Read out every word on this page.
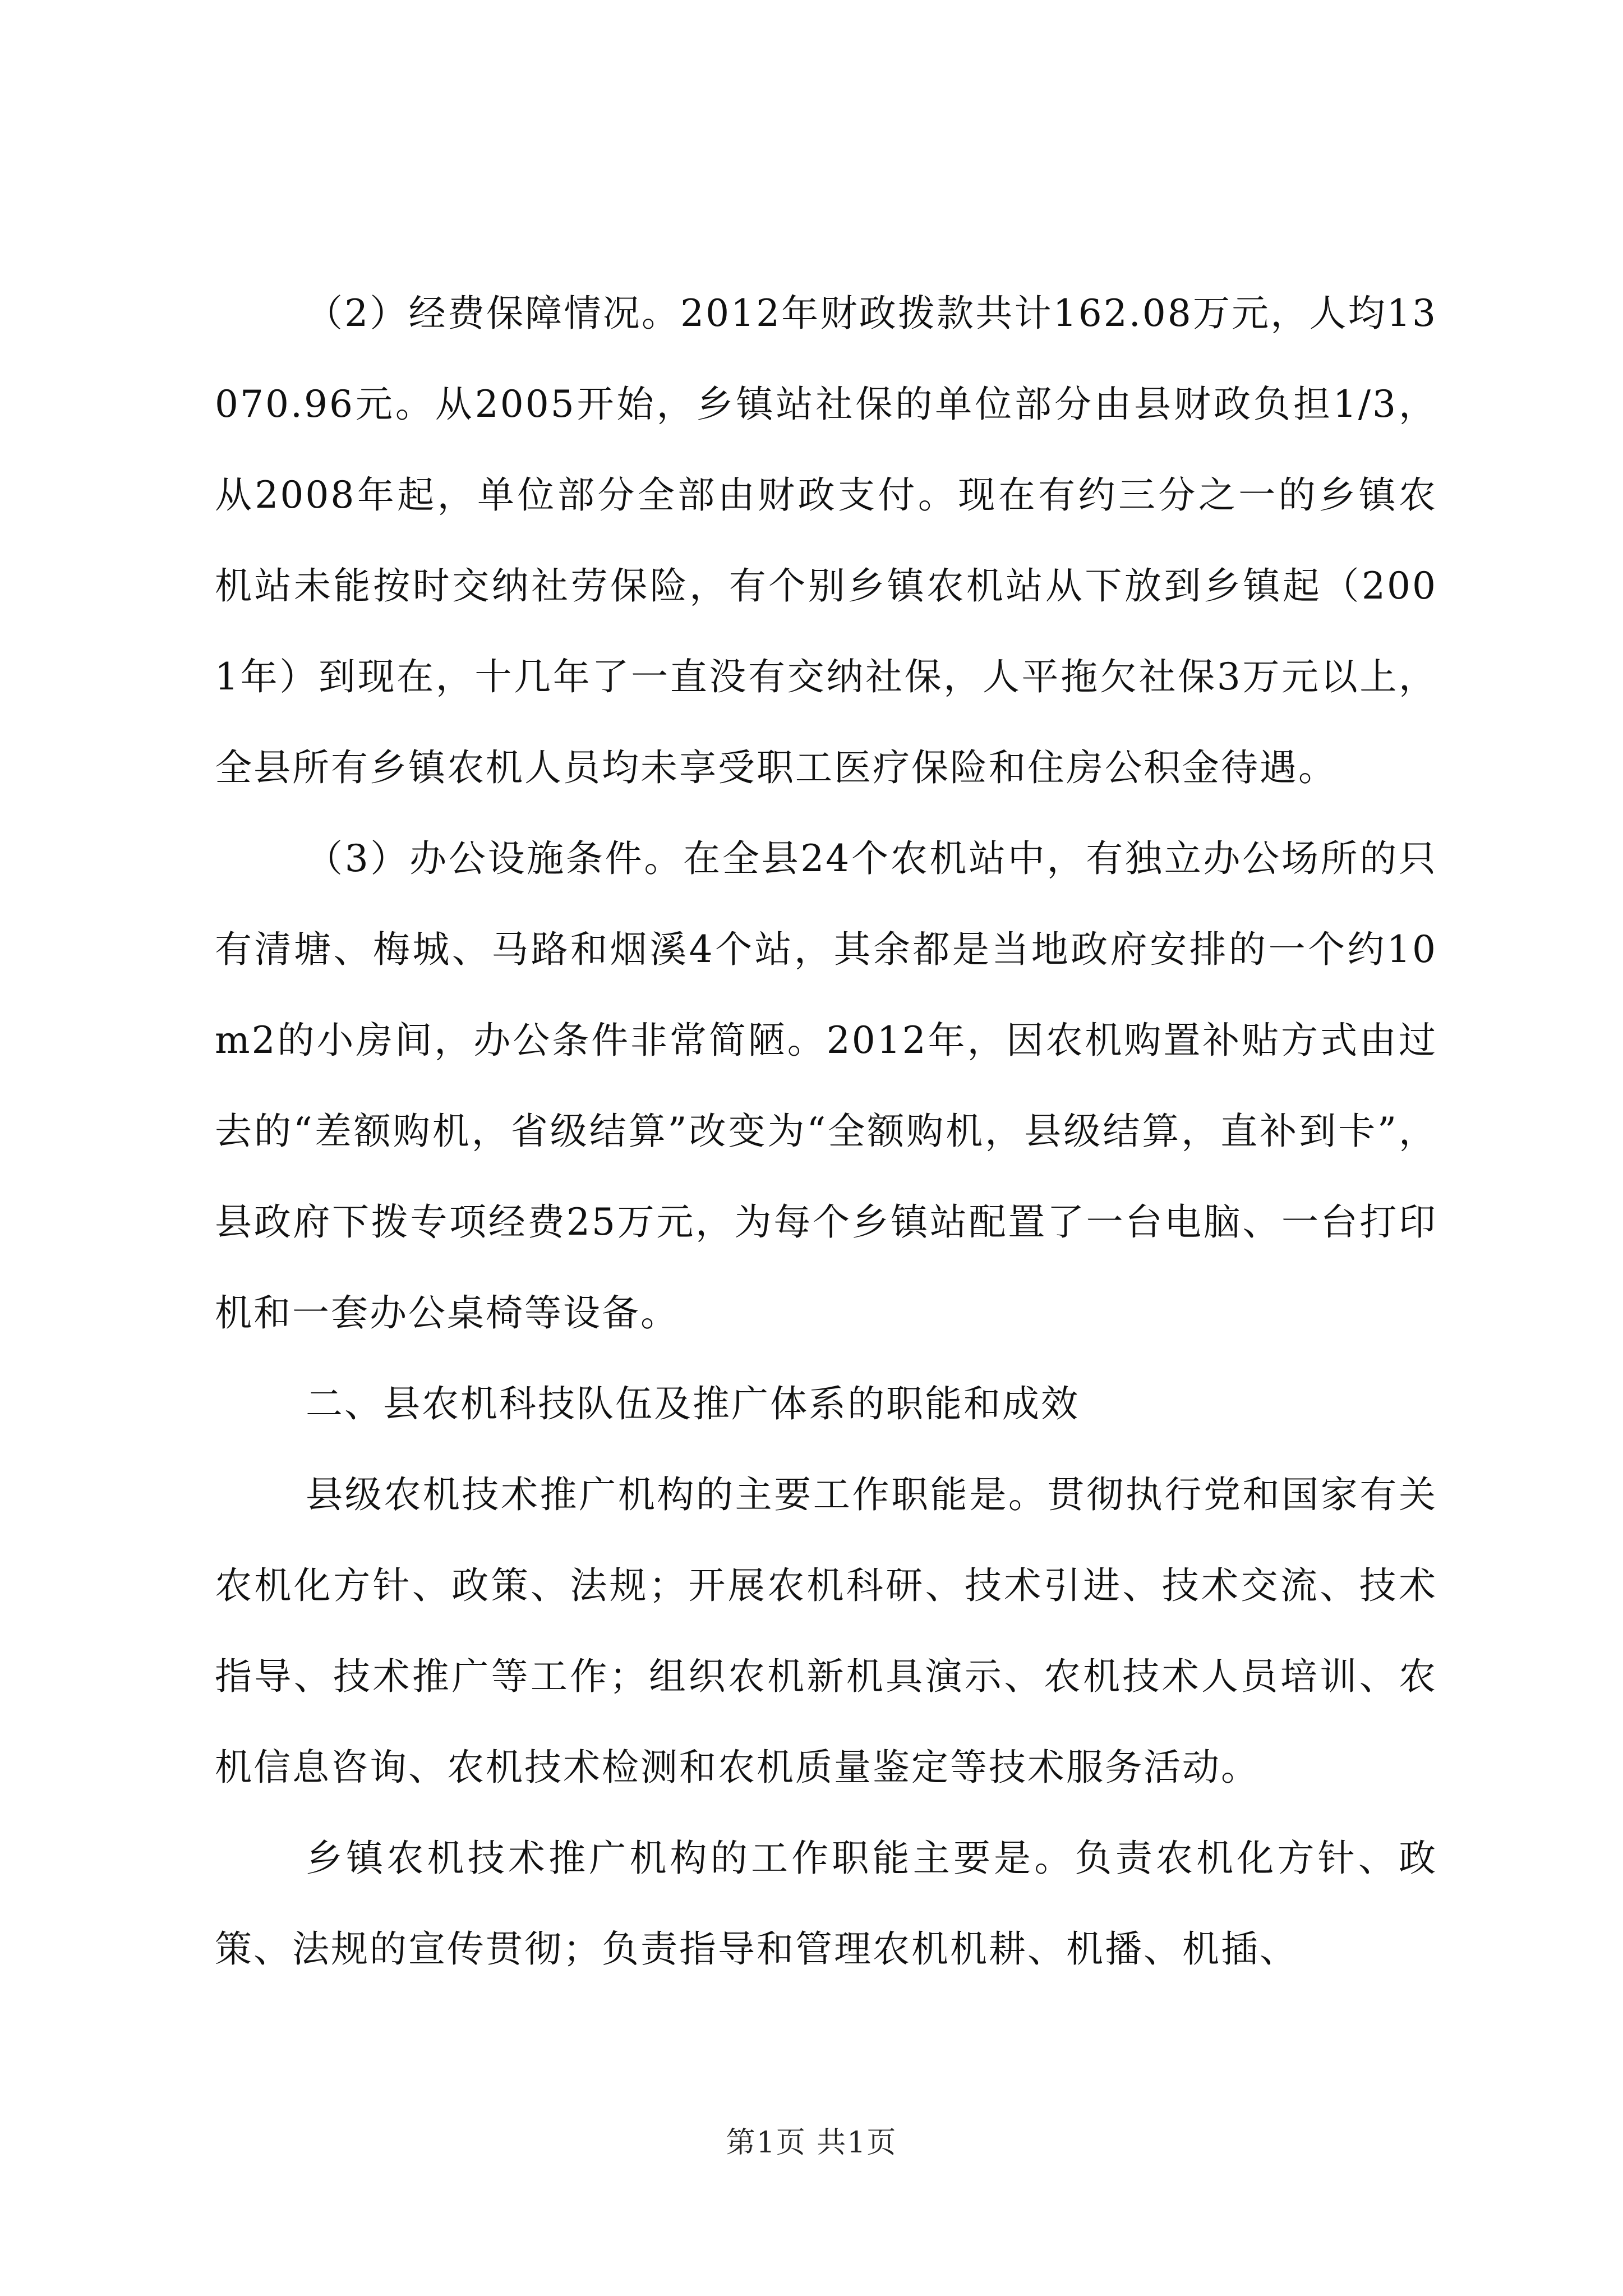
（2）经费保障情况。2012年财政拨款共计162.08万元，人均13070.96元。从2005开始，乡镇站社保的单位部分由县财政负担1/3，从2008年起，单位部分全部由财政支付。现在有约三分之一的乡镇农机站未能按时交纳社劳保险，有个别乡镇农机站从下放到乡镇起（2001年）到现在，十几年了一直没有交纳社保，人平拖欠社保3万元以上，全县所有乡镇农机人员均未享受职工医疗保险和住房公积金待遇。

（3）办公设施条件。在全县24个农机站中，有独立办公场所的只有清塘、梅城、马路和烟溪4个站，其余都是当地政府安排的一个约10m2的小房间，办公条件非常简陋。2012年，因农机购置补贴方式由过去的“差额购机，省级结算”改变为“全额购机，县级结算，直补到卡”，县政府下拨专项经费25万元，为每个乡镇站配置了一台电脑、一台打印机和一套办公桌椅等设备。

二、县农机科技队伍及推广体系的职能和成效

县级农机技术推广机构的主要工作职能是。贯彻执行党和国家有关农机化方针、政策、法规；开展农机科研、技术引进、技术交流、技术指导、技术推广等工作；组织农机新机具演示、农机技术人员培训、农机信息咨询、农机技术检测和农机质量鉴定等技术服务活动。

乡镇农机技术推广机构的工作职能主要是。负责农机化方针、政策、法规的宣传贯彻；负责指导和管理农机机耕、机播、机插、

第1页 共1页
